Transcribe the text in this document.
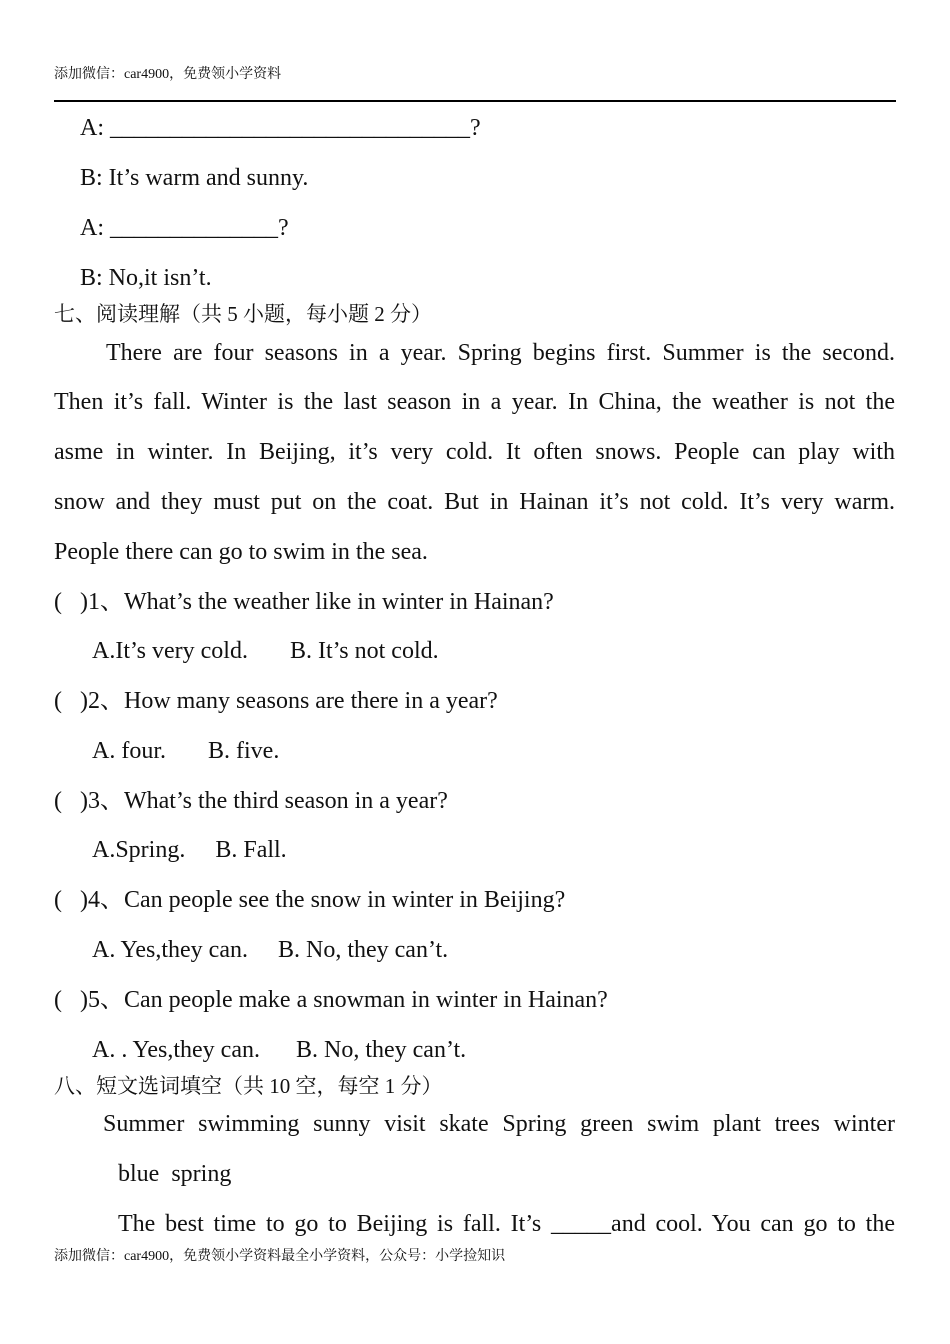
添加微信：car4900，免费领小学资料
A: ______________________________?
B: It’s warm and sunny.
A: ______________?
B: No,it isn’t.
七、阅读理解（共 5 小题，每小题 2 分）
There are four seasons in a year. Spring begins first. Summer is the second.
Then it’s fall. Winter is the last season in a year. In China, the weather is not the
asme in winter. In Beijing, it’s very cold. It often snows. People can play with
snow and they must put on the coat. But in Hainan it’s not cold. It’s very warm.
People there can go to swim in the sea.
(   )1、What’s the weather like in winter in Hainan?
A.It’s very cold.       B. It’s not cold.
(   )2、How many seasons are there in a year?
A. four.       B. five.
(   )3、What’s the third season in a year?
A.Spring.     B. Fall.
(   )4、Can people see the snow in winter in Beijing?
A. Yes,they can.     B. No, they can’t.
(   )5、Can people make a snowman in winter in Hainan?
A. . Yes,they can.      B. No, they can’t.
八、短文选词填空（共 10 空，每空 1 分）
Summer swimming sunny visit skate Spring green swim plant trees winter
blue  spring
The best time to go to Beijing is fall. It’s _____and cool. You can go to the
添加微信：car4900，免费领小学资料最全小学资料，公众号：小学捡知识
